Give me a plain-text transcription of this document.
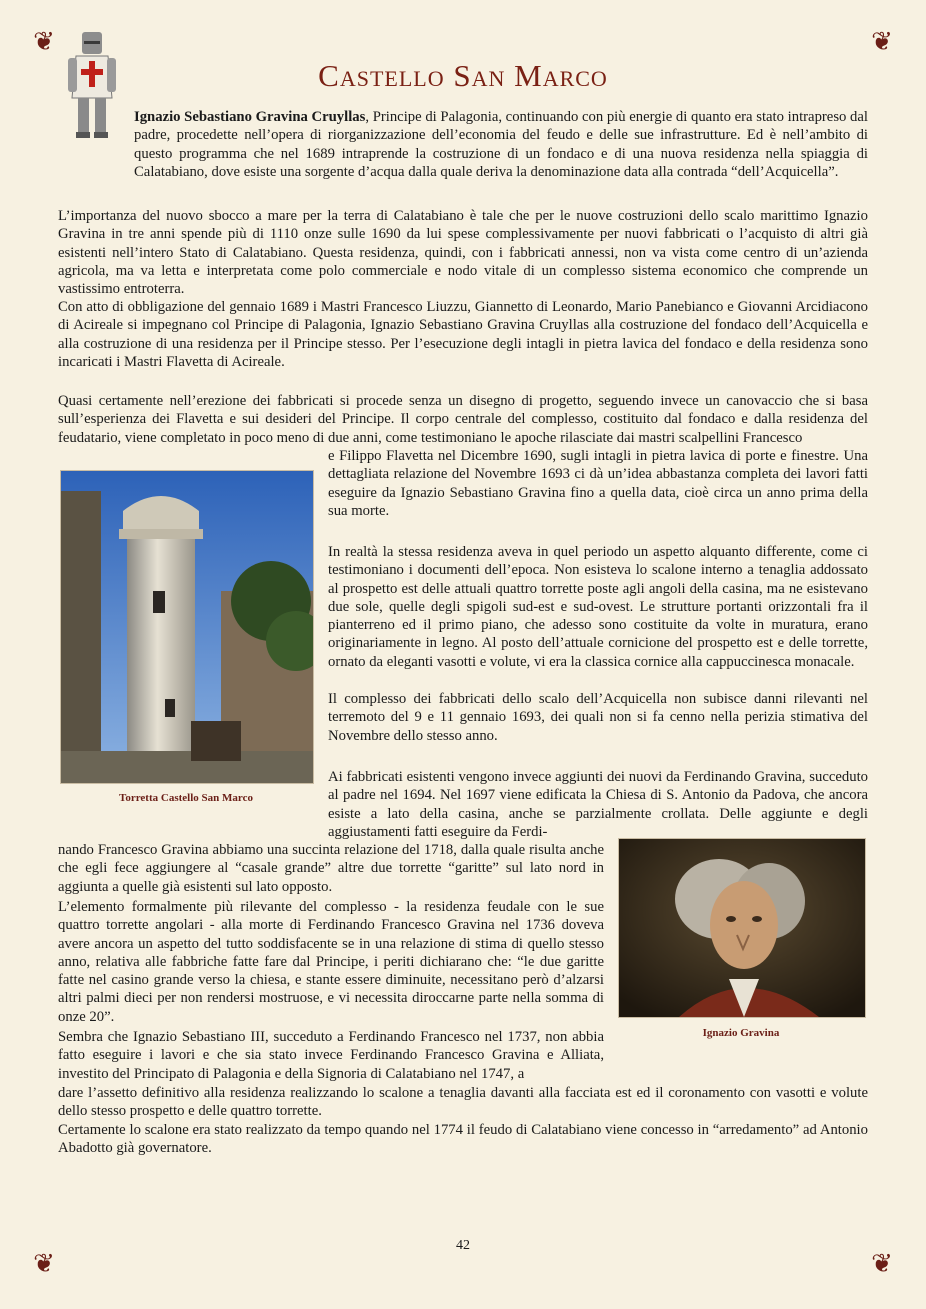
❦	❦
❦	❦
Castello San Marco

Ignazio Sebastiano Gravina Cruyllas, Principe di Palagonia, continuando con più energie di quanto era stato intrapreso dal padre, procedette nell’opera di riorganizzazione dell’economia del feudo e delle sue infrastrutture. Ed è nell’ambito di questo programma che nel 1689 intraprende la costruzione di un fondaco e di una nuova residenza nella spiaggia di Calatabiano, dove esiste una sorgente d’acqua dalla quale deriva la denominazione data alla contrada “dell’Acquicella”.

L’importanza del nuovo sbocco a mare per la terra di Calatabiano è tale che per le nuove costruzioni dello scalo marittimo Ignazio Gravina in tre anni spende più di 1110 onze sulle 1690 da lui spese complessivamente per nuovi fabbricati o l’acquisto di altri già esistenti nell’intero Stato di Calatabiano. Questa residenza, quindi, con i fabbricati annessi, non va vista come centro di un’azienda agricola, ma va letta e interpretata come polo commerciale e nodo vitale di un complesso sistema economico che comprende un vastissimo entroterra.

Con atto di obbligazione del gennaio 1689 i Mastri Francesco Liuzzu, Giannetto di Leonardo, Mario Panebianco e Giovanni Arcidiacono di Acireale si impegnano col Principe di Palagonia, Ignazio Sebastiano Gravina Cruyllas alla costruzione del fondaco dell’Acquicella e alla costruzione di una residenza per il Principe stesso. Per l’esecuzione degli intagli in pietra lavica del fondaco e della residenza sono incaricati i Mastri Flavetta di Acireale.

Quasi certamente nell’erezione dei fabbricati si procede senza un disegno di progetto, seguendo invece un canovaccio che si basa sull’esperienza dei Flavetta e sui desideri del Principe. Il corpo centrale del complesso, costituito dal fondaco e dalla residenza del feudatario, viene completato in poco meno di due anni, come testimoniano le apoche rilasciate dai mastri scalpellini Francesco

e Filippo Flavetta nel Dicembre 1690, sugli intagli in pietra lavica di porte e finestre. Una dettagliata relazione del Novembre 1693 ci dà un’idea abbastanza completa dei lavori fatti eseguire da Ignazio Sebastiano Gravina fino a quella data, cioè circa un anno prima della sua morte.

In realtà la stessa residenza aveva in quel periodo un aspetto alquanto differente, come ci testimoniano i documenti dell’epoca. Non esisteva lo scalone interno a tenaglia addossato al prospetto est delle attuali quattro torrette poste agli angoli della casina, ma ne esistevano due sole, quelle degli spigoli sud-est e sud-ovest. Le strutture portanti orizzontali fra il pianterreno ed il primo piano, che adesso sono costituite da volte in muratura, erano originariamente in legno. Al posto dell’attuale cornicione del prospetto est e delle torrette, ornato da eleganti vasotti e volute, vi era la classica cornice alla cappuccinesca monacale.

Il complesso dei fabbricati dello scalo dell’Acquicella non subisce danni rilevanti nel terremoto del 9 e 11 gennaio 1693, dei quali non si fa cenno nella perizia stimativa del Novembre dello stesso anno.

Ai fabbricati esistenti vengono invece aggiunti dei nuovi da Ferdinando Gravina, succeduto al padre nel 1694. Nel 1697 viene edificata la Chiesa di S. Antonio da Padova, che ancora esiste a lato della casina, anche se parzialmente crollata. Delle aggiunte e degli aggiustamenti fatti eseguire da Ferdi-

nando Francesco Gravina abbiamo una succinta relazione del 1718, dalla quale risulta anche che egli fece aggiungere al “casale grande” altre due torrette “garitte” sul lato nord in aggiunta a quelle già esistenti sul lato opposto.

L’elemento formalmente più rilevante del complesso - la residenza feudale con le sue quattro torrette angolari - alla morte di Ferdinando Francesco Gravina nel 1736 doveva avere ancora un aspetto del tutto soddisfacente se in una relazione di stima di quello stesso anno, relativa alle fabbriche fatte fare dal Principe, i periti dichiarano che: “le due garitte fatte nel casino grande verso la chiesa, e stante essere diminuite, necessitano però d’alzarsi altri palmi dieci per non rendersi mostruose, e vi necessita diroccarne parte nella somma di onze 20”.

Sembra che Ignazio Sebastiano III, succeduto a Ferdinando Francesco nel 1737, non abbia fatto eseguire i lavori e che sia stato invece Ferdinando Francesco Gravina e Alliata, investito del Principato di Palagonia e della Signoria di Calatabiano nel 1747, a

dare l’assetto definitivo alla residenza realizzando lo scalone a tenaglia davanti alla facciata est ed il coronamento con vasotti e volute dello stesso prospetto e delle quattro torrette.

Certamente lo scalone era stato realizzato da tempo quando nel 1774 il feudo di Calatabiano viene concesso in “arredamento” ad Antonio Abadotto già governatore.

Torretta Castello San Marco
Ignazio Gravina
42
